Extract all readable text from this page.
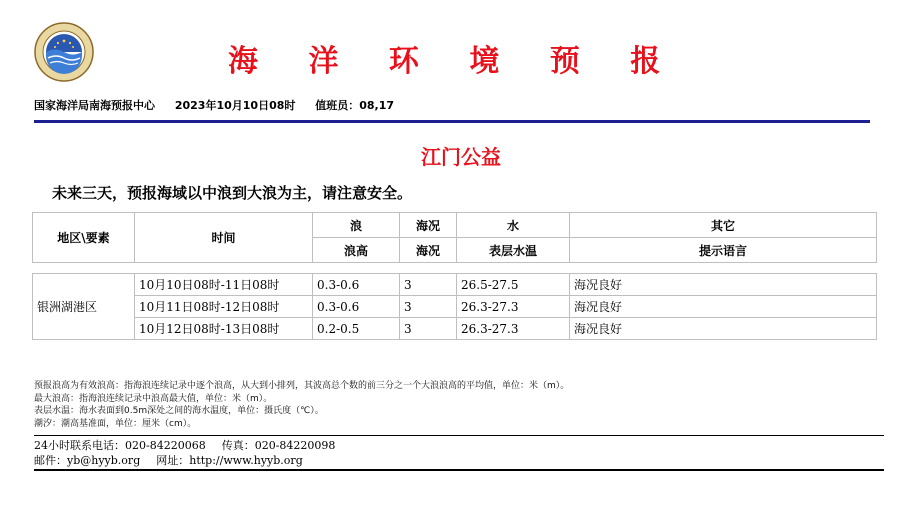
海 洋 环 境 预 报
国家海洋局南海预报中心 2023年10月10日08时 值班员：08,17
江门公益
未来三天，预报海域以中浪到大浪为主，请注意安全。
地区\要素	时间	浪	海况	水	其它
		浪高	海况	表层水温	提示语言

银洲湖港区	10月10日08时-11日08时	0.3-0.6	3	26.5-27.5	海况良好
	10月11日08时-12日08时	0.3-0.6	3	26.3-27.3	海况良好
	10月12日08时-13日08时	0.2-0.5	3	26.3-27.3	海况良好
预报浪高为有效浪高：指海浪连续记录中逐个浪高，从大到小排列，其波高总个数的前三分之一个大浪浪高的平均值，单位：米（m）。
最大浪高：指海浪连续记录中浪高最大值，单位：米（m）。
表层水温：海水表面到0.5m深处之间的海水温度，单位：摄氏度（℃）。
潮汐：潮高基准面，单位：厘米（cm）。
24小时联系电话：020-84220068 传真：020-84220098
邮件：yb@hyyb.org 网址：http://www.hyyb.org
